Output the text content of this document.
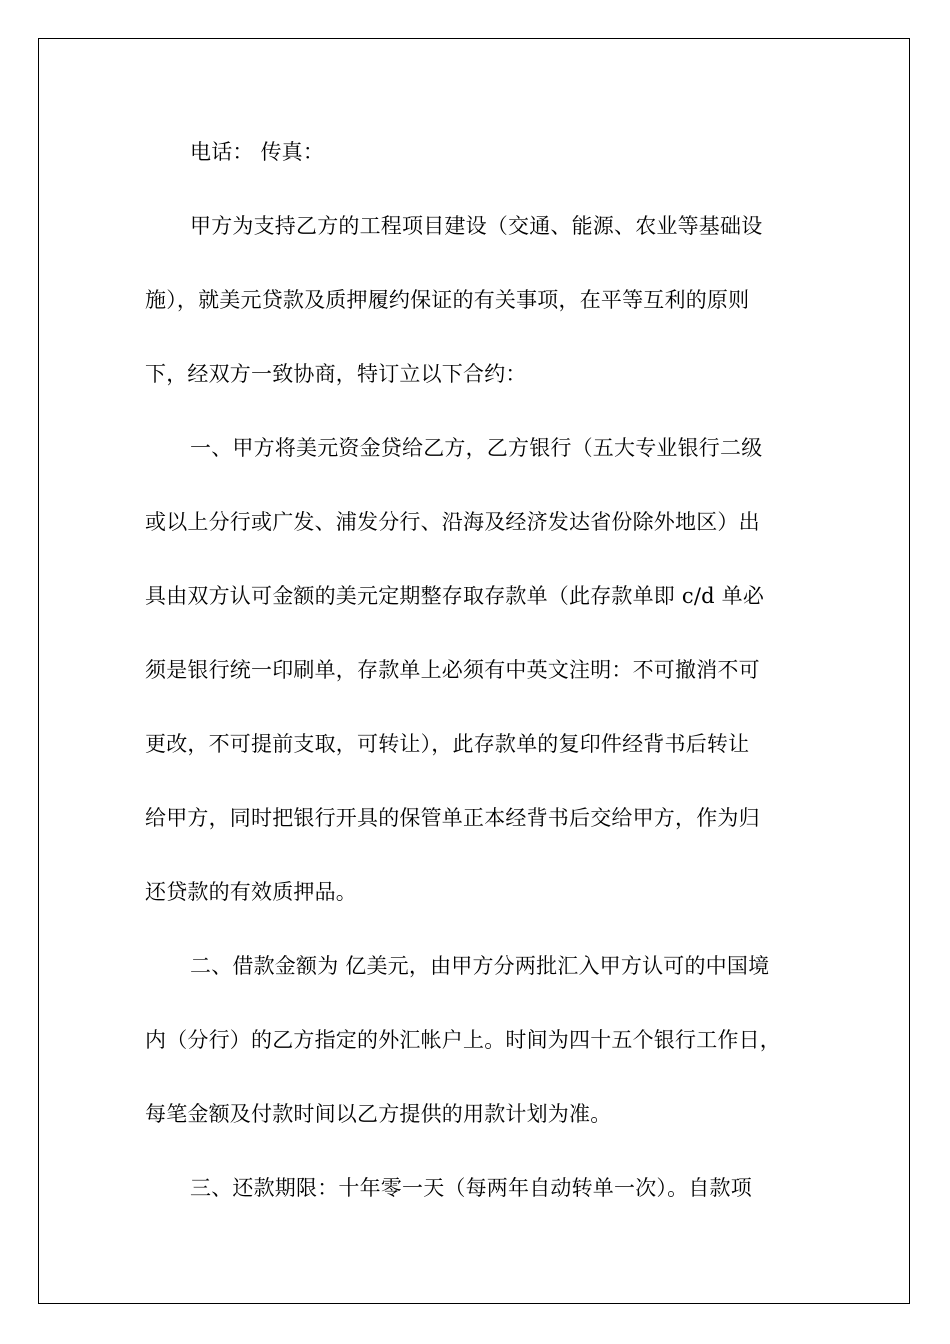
电话： 传真：
甲方为支持乙方的工程项目建设（交通、能源、农业等基础设
施），就美元贷款及质押履约保证的有关事项，在平等互利的原则
下，经双方一致协商，特订立以下合约：
一、甲方将美元资金贷给乙方，乙方银行（五大专业银行二级
或以上分行或广发、浦发分行、沿海及经济发达省份除外地区）出
具由双方认可金额的美元定期整存取存款单（此存款单即 c/d 单必
须是银行统一印刷单，存款单上必须有中英文注明：不可撤消不可
更改，不可提前支取，可转让），此存款单的复印件经背书后转让
给甲方，同时把银行开具的保管单正本经背书后交给甲方，作为归
还贷款的有效质押品。
二、借款金额为 亿美元，由甲方分两批汇入甲方认可的中国境
内（分行）的乙方指定的外汇帐户上。时间为四十五个银行工作日，
每笔金额及付款时间以乙方提供的用款计划为准。
三、还款期限：十年零一天（每两年自动转单一次）。自款项
